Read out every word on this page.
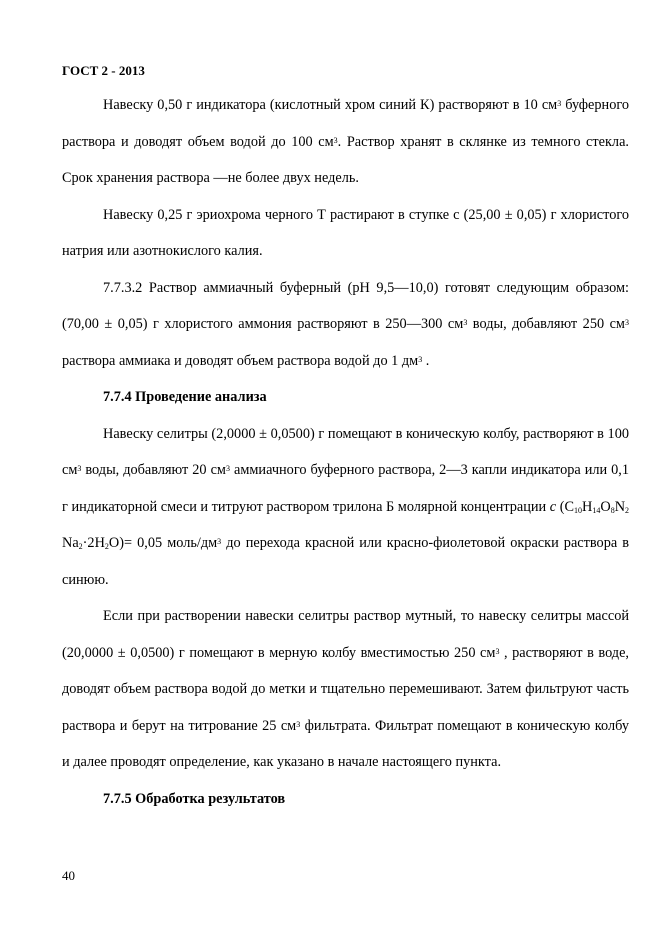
ГОСТ 2 - 2013

Навеску 0,50 г индикатора (кислотный хром синий К) растворяют в 10 $см^3$ буферного раствора и доводят объем водой до 100 $см^3$. Раствор хранят в склянке из темного стекла. Срок хранения раствора —не более двух недель.

Навеску 0,25 г эриохрома черного Т растирают в ступке с (25,00 ± 0,05) г хлористого натрия или азотнокислого калия.

7.7.3.2 Раствор аммиачный буферный (pH 9,5—10,0) готовят следующим образом: (70,00 ± 0,05) г хлористого аммония растворяют в 250—300 $см^3$ воды, добавляют 250 $см^3$ раствора аммиака и доводят объем раствора водой до 1 $дм^3$ .

7.7.4 Проведение анализа

Навеску селитры (2,0000 ± 0,0500) г помещают в коническую колбу, растворяют в 100 $см^3$ воды, добавляют 20 $см^3$ аммиачного буферного раствора, 2—3 капли индикатора или 0,1 г индикаторной смеси и титруют раствором трилона Б молярной концентрации с ($C_{10}H_{14}O_8N_2$ $Na_2\cdot 2H_2O)= 0,05$ моль/$дм^3$ до перехода красной или красно-фиолетовой окраски раствора в синюю.

Если при растворении навески селитры раствор мутный, то навеску селитры массой (20,0000 ± 0,0500) г помещают в мерную колбу вместимостью 250 $см^3$ , растворяют в воде, доводят объем раствора водой до метки и тщательно перемешивают. Затем фильтруют часть раствора и берут на титрование 25 $см^3$ фильтрата. Фильтрат помещают в коническую колбу и далее проводят определение, как указано в начале настоящего пункта.

7.7.5 Обработка результатов

40
